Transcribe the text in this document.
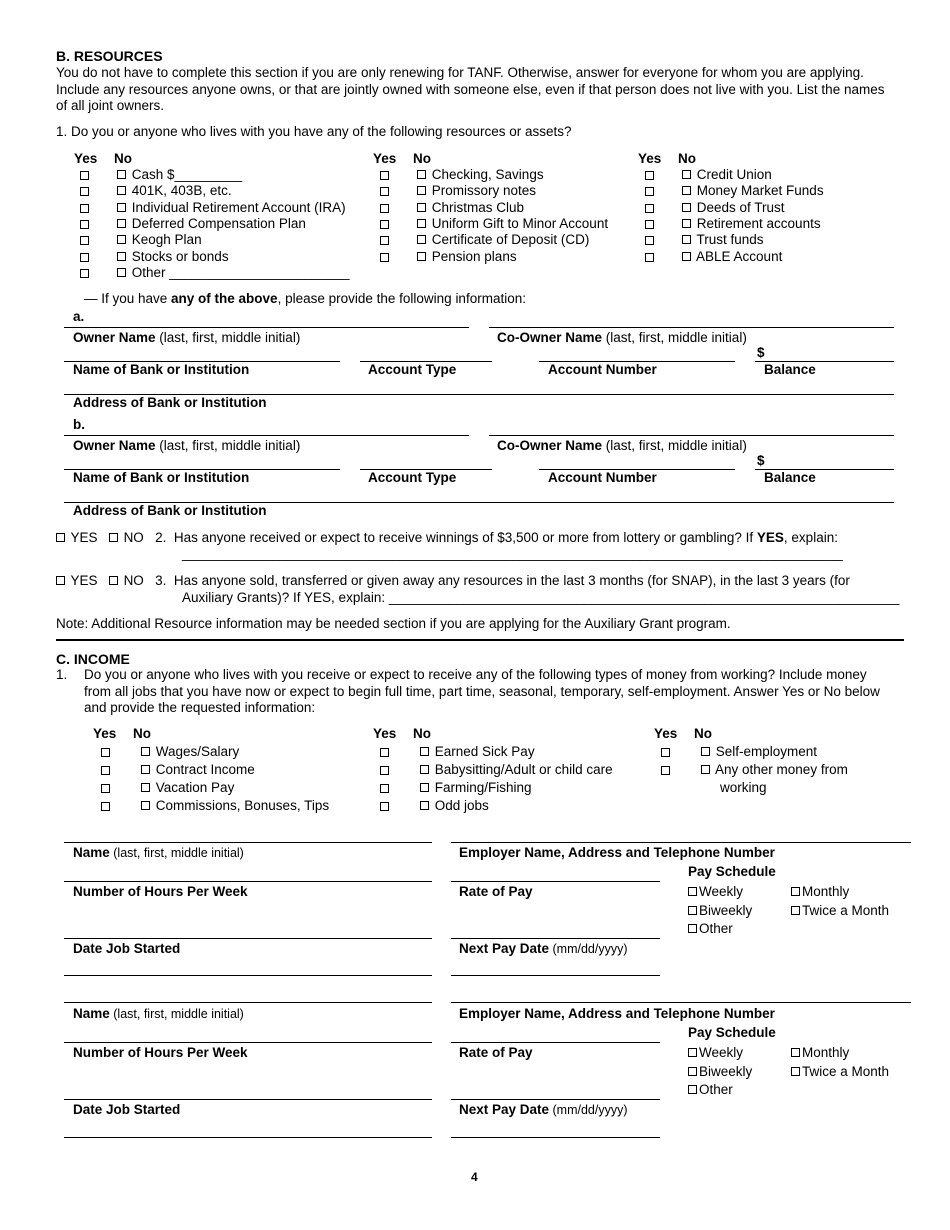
B. RESOURCES
You do not have to complete this section if you are only renewing for TANF. Otherwise, answer for everyone for whom you are applying. Include any resources anyone owns, or that are jointly owned with someone else, even if that person does not live with you. List the names of all joint owners.
1. Do you or anyone who lives with you have any of the following resources or assets?
Yes No	Yes No	Yes No
Cash $_________
401K, 403B, etc.
Individual Retirement Account (IRA)
Deferred Compensation Plan
Keogh Plan
Stocks or bonds
Other ________________________
Checking, Savings
Promissory notes
Christmas Club
Uniform Gift to Minor Account
Certificate of Deposit (CD)
Pension plans
Credit Union
Money Market Funds
Deeds of Trust
Retirement accounts
Trust funds
ABLE Account
— If you have any of the above, please provide the following information:
a.
Owner Name (last, first, middle initial)	Co-Owner Name (last, first, middle initial)
$
Name of Bank or Institution	Account Type	Account Number	Balance
Address of Bank or Institution
b.
Owner Name (last, first, middle initial)	Co-Owner Name (last, first, middle initial)
$
Name of Bank or Institution	Account Type	Account Number	Balance
Address of Bank or Institution
YES NO 2. Has anyone received or expect to receive winnings of $3,500 or more from lottery or gambling? If YES, explain:
________________________________________________________________________________________
YES NO 3. Has anyone sold, transferred or given away any resources in the last 3 months (for SNAP), in the last 3 years (for
Auxiliary Grants)? If YES, explain: ____________________________________________________________________
Note: Additional Resource information may be needed section if you are applying for the Auxiliary Grant program.
C. INCOME
1. Do you or anyone who lives with you receive or expect to receive any of the following types of money from working? Include money from all jobs that you have now or expect to begin full time, part time, seasonal, temporary, self-employment. Answer Yes or No below and provide the requested information:
Yes No	Yes No	Yes No
Wages/Salary
Contract Income
Vacation Pay
Commissions, Bonuses, Tips
Earned Sick Pay
Babysitting/Adult or child care
Farming/Fishing
Odd jobs
Self-employment
Any other money from
working
Name (last, first, middle initial)	Employer Name, Address and Telephone Number
Pay Schedule
Number of Hours Per Week	Rate of Pay	Weekly	Monthly
Biweekly	Twice a Month
Other
Date Job Started	Next Pay Date (mm/dd/yyyy)
Name (last, first, middle initial)	Employer Name, Address and Telephone Number
Pay Schedule
Number of Hours Per Week	Rate of Pay	Weekly	Monthly
Biweekly	Twice a Month
Other
Date Job Started	Next Pay Date (mm/dd/yyyy)
4
